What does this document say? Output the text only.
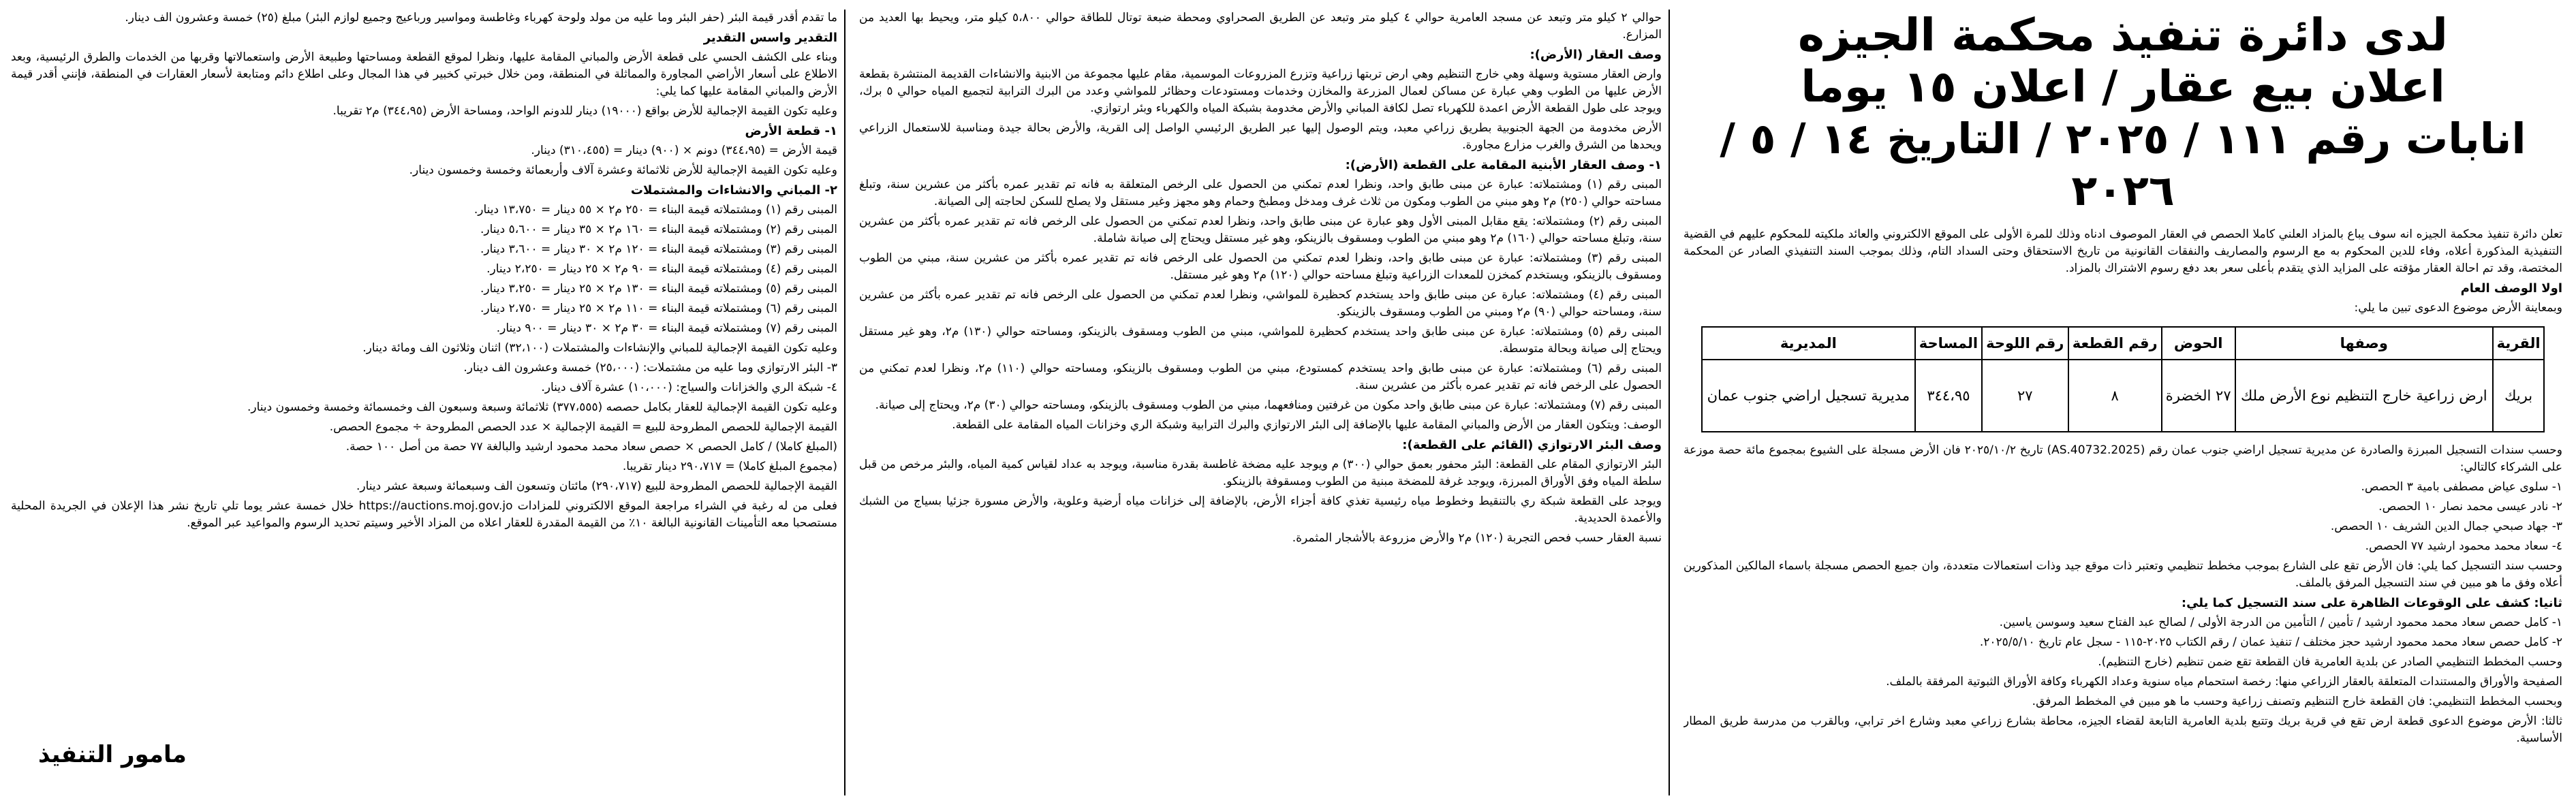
لدى دائرة تنفيذ محكمة الجيزه
اعلان بيع عقار / اعلان ١٥ يوما
انابات رقم ١١١ / ٢٠٢٥ / التاريخ ١٤ / ٥ / ٢٠٢٦

تعلن دائرة تنفيذ محكمة الجيزه انه سوف يباع بالمزاد العلني كاملا الحصص في العقار الموصوف ادناه وذلك للمرة الأولى على الموقع الالكتروني والعائد ملكيته للمحكوم عليهم في القضية التنفيذية المذكورة أعلاه، وفاء للدين المحكوم به مع الرسوم والمصاريف والنفقات القانونية من تاريخ الاستحقاق وحتى السداد التام، وذلك بموجب السند التنفيذي الصادر عن المحكمة المختصة، وقد تم احالة العقار مؤقته على المزايد الذي يتقدم بأعلى سعر بعد دفع رسوم الاشتراك بالمزاد.

اولا الوصف العام

وبمعاينة الأرض موضوع الدعوى تبين ما يلي:

القرية	وصفها	الحوض	رقم القطعة	رقم اللوحة	المساحة	المديرية
بريك	ارض زراعية خارج التنظيم نوع الأرض ملك	٢٧ الخضرة	٨	٢٧	٣٤٤،٩٥	مديرية تسجيل اراضي جنوب عمان

وحسب سندات التسجيل المبرزة والصادرة عن مديرية تسجيل اراضي جنوب عمان رقم (2025.AS.40732) تاريخ ٢٠٢٥/١٠/٢ فان الأرض مسجلة على الشيوع بمجموع مائة حصة موزعة على الشركاء كالتالي:

١- سلوى عياض مصطفى بامية ٣ الحصص.

٢- نادر عيسى محمد نصار ١٠ الحصص.

٣- جهاد صبحي جمال الدين الشريف ١٠ الحصص.

٤- سعاد محمد محمود ارشيد ٧٧ الحصص.

وحسب سند التسجيل كما يلي: فان الأرض تقع على الشارع بموجب مخطط تنظيمي وتعتبر ذات موقع جيد وذات استعمالات متعددة، وان جميع الحصص مسجلة باسماء المالكين المذكورين أعلاه وفق ما هو مبين في سند التسجيل المرفق بالملف.

ثانيا: كشف على الوقوعات الظاهرة على سند التسجيل كما يلي:

١- كامل حصص سعاد محمد محمود ارشيد / تأمين / التأمين من الدرجة الأولى / لصالح عبد الفتاح سعيد وسوسن ياسين.

٢- كامل حصص سعاد محمد محمود ارشيد حجز مختلف / تنفيذ عمان / رقم الكتاب ٢٠٢٥-١١٥ - سجل عام تاريخ ٢٠٢٥/٥/١٠.

وحسب المخطط التنظيمي الصادر عن بلدية العامرية فان القطعة تقع ضمن تنظيم (خارج التنظيم).

الصفيحة والأوراق والمستندات المتعلقة بالعقار الزراعي منها: رخصة استحمام مياه سنوية وعداد الكهرباء وكافة الأوراق الثبوتية المرفقة بالملف.

وبحسب المخطط التنظيمي: فان القطعة خارج التنظيم وتصنف زراعية وحسب ما هو مبين في المخطط المرفق.

ثالثا: الأرض موضوع الدعوى قطعة ارض تقع في قرية بريك وتتبع بلدية العامرية التابعة لقضاء الجيزه، محاطة بشارع زراعي معبد وشارع اخر ترابي، وبالقرب من مدرسة طريق المطار الأساسية.

حوالي ٢ كيلو متر وتبعد عن مسجد العامرية حوالي ٤ كيلو متر وتبعد عن الطريق الصحراوي ومحطة ضبعة توتال للطاقة حوالي ٥،٨٠٠ كيلو متر، ويحيط بها العديد من المزارع.

وصف العقار (الأرض):

وارض العقار مستوية وسهلة وهي خارج التنظيم وهي ارض تربتها زراعية وتزرع المزروعات الموسمية، مقام عليها مجموعة من الابنية والانشاءات القديمة المنتشرة بقطعة الأرض عليها من الطوب وهي عبارة عن مساكن لعمال المزرعة والمخازن وخدمات ومستودعات وحظائر للمواشي وعدد من البرك الترابية لتجميع المياه حوالي ٥ برك، ويوجد على طول القطعة الأرض اعمدة للكهرباء تصل لكافة المباني والأرض مخدومة بشبكة المياه والكهرباء وبئر ارتوازي.

الأرض مخدومة من الجهة الجنوبية بطريق زراعي معبد، ويتم الوصول إليها عبر الطريق الرئيسي الواصل إلى القرية، والأرض بحالة جيدة ومناسبة للاستعمال الزراعي ويحدها من الشرق والغرب مزارع مجاورة.

١- وصف العقار الأبنية المقامة على القطعة (الأرض):

المبنى رقم (١) ومشتملاته: عبارة عن مبنى طابق واحد، ونظرا لعدم تمكني من الحصول على الرخص المتعلقة به فانه تم تقدير عمره بأكثر من عشرين سنة، وتبلغ مساحته حوالي (٢٥٠) م٢ وهو مبني من الطوب ومكون من ثلاث غرف ومدخل ومطبخ وحمام وهو مجهز وغير مستقل ولا يصلح للسكن لحاجته إلى الصيانة.

المبنى رقم (٢) ومشتملاته: يقع مقابل المبنى الأول وهو عبارة عن مبنى طابق واحد، ونظرا لعدم تمكني من الحصول على الرخص فانه تم تقدير عمره بأكثر من عشرين سنة، وتبلغ مساحته حوالي (١٦٠) م٢ وهو مبني من الطوب ومسقوف بالزينكو، وهو غير مستقل ويحتاج إلى صيانة شاملة.

المبنى رقم (٣) ومشتملاته: عبارة عن مبنى طابق واحد، ونظرا لعدم تمكني من الحصول على الرخص فانه تم تقدير عمره بأكثر من عشرين سنة، مبني من الطوب ومسقوف بالزينكو، ويستخدم كمخزن للمعدات الزراعية وتبلغ مساحته حوالي (١٢٠) م٢ وهو غير مستقل.

المبنى رقم (٤) ومشتملاته: عبارة عن مبنى طابق واحد يستخدم كحظيرة للمواشي، ونظرا لعدم تمكني من الحصول على الرخص فانه تم تقدير عمره بأكثر من عشرين سنة، ومساحته حوالي (٩٠) م٢ ومبني من الطوب ومسقوف بالزينكو.

المبنى رقم (٥) ومشتملاته: عبارة عن مبنى طابق واحد يستخدم كحظيرة للمواشي، مبني من الطوب ومسقوف بالزينكو، ومساحته حوالي (١٣٠) م٢، وهو غير مستقل ويحتاج إلى صيانة وبحالة متوسطة.

المبنى رقم (٦) ومشتملاته: عبارة عن مبنى طابق واحد يستخدم كمستودع، مبني من الطوب ومسقوف بالزينكو، ومساحته حوالي (١١٠) م٢، ونظرا لعدم تمكني من الحصول على الرخص فانه تم تقدير عمره بأكثر من عشرين سنة.

المبنى رقم (٧) ومشتملاته: عبارة عن مبنى طابق واحد مكون من غرفتين ومنافعهما، مبني من الطوب ومسقوف بالزينكو، ومساحته حوالي (٣٠) م٢، ويحتاج إلى صيانة.

الوصف: ويتكون العقار من الأرض والمباني المقامة عليها بالإضافة إلى البئر الارتوازي والبرك الترابية وشبكة الري وخزانات المياه المقامة على القطعة.

وصف البئر الارتوازي (القائم على القطعة):

البئر الارتوازي المقام على القطعة: البئر محفور بعمق حوالي (٣٠٠) م ويوجد عليه مضخة غاطسة بقدرة مناسبة، ويوجد به عداد لقياس كمية المياه، والبئر مرخص من قبل سلطة المياه وفق الأوراق المبرزة، ويوجد غرفة للمضخة مبنية من الطوب ومسقوفة بالزينكو.

ويوجد على القطعة شبكة ري بالتنقيط وخطوط مياه رئيسية تغذي كافة أجزاء الأرض، بالإضافة إلى خزانات مياه أرضية وعلوية، والأرض مسورة جزئيا بسياج من الشبك والأعمدة الحديدية.

نسبة العقار حسب فحص التجربة (١٢٠) م٢ والأرض مزروعة بالأشجار المثمرة.

ما تقدم أقدر قيمة البئر (حفر البئر وما عليه من مولد ولوحة كهرباء وغاطسة ومواسير ورباعيج وجميع لوازم البئر) مبلغ (٢٥) خمسة وعشرون الف دينار.

التقدير واسس التقدير

وبناء على الكشف الحسي على قطعة الأرض والمباني المقامة عليها، ونظرا لموقع القطعة ومساحتها وطبيعة الأرض واستعمالاتها وقربها من الخدمات والطرق الرئيسية، وبعد الاطلاع على أسعار الأراضي المجاورة والمماثلة في المنطقة، ومن خلال خبرتي كخبير في هذا المجال وعلى اطلاع دائم ومتابعة لأسعار العقارات في المنطقة، فإنني أقدر قيمة الأرض والمباني المقامة عليها كما يلي:

وعليه تكون القيمة الإجمالية للأرض بواقع (١٩٠٠٠) دينار للدونم الواحد، ومساحة الأرض (٣٤٤،٩٥) م٢ تقريبا.

١- قطعة الأرض

قيمة الأرض = (٣٤٤،٩٥) دونم × (٩٠٠) دينار = (٣١٠،٤٥٥) دينار.

وعليه تكون القيمة الإجمالية للأرض ثلاثمائة وعشرة آلاف وأربعمائة وخمسة وخمسون دينار.

٢- المباني والانشاءات والمشتملات

المبنى رقم (١) ومشتملاته قيمة البناء = ٢٥٠ م٢ × ٥٥ دينار = ١٣،٧٥٠ دينار.

المبنى رقم (٢) ومشتملاته قيمة البناء = ١٦٠ م٢ × ٣٥ دينار = ٥،٦٠٠ دينار.

المبنى رقم (٣) ومشتملاته قيمة البناء = ١٢٠ م٢ × ٣٠ دينار = ٣،٦٠٠ دينار.

المبنى رقم (٤) ومشتملاته قيمة البناء = ٩٠ م٢ × ٢٥ دينار = ٢،٢٥٠ دينار.

المبنى رقم (٥) ومشتملاته قيمة البناء = ١٣٠ م٢ × ٢٥ دينار = ٣،٢٥٠ دينار.

المبنى رقم (٦) ومشتملاته قيمة البناء = ١١٠ م٢ × ٢٥ دينار = ٢،٧٥٠ دينار.

المبنى رقم (٧) ومشتملاته قيمة البناء = ٣٠ م٢ × ٣٠ دينار = ٩٠٠ دينار.

وعليه تكون القيمة الإجمالية للمباني والإنشاءات والمشتملات (٣٢،١٠٠) اثنان وثلاثون الف ومائة دينار.

٣- البئر الارتوازي وما عليه من مشتملات: (٢٥،٠٠٠) خمسة وعشرون الف دينار.

٤- شبكة الري والخزانات والسياج: (١٠،٠٠٠) عشرة آلاف دينار.

وعليه تكون القيمة الإجمالية للعقار بكامل حصصه (٣٧٧،٥٥٥) ثلاثمائة وسبعة وسبعون الف وخمسمائة وخمسة وخمسون دينار.

القيمة الإجمالية للحصص المطروحة للبيع = القيمة الإجمالية × عدد الحصص المطروحة ÷ مجموع الحصص.

(المبلغ كاملا) / كامل الحصص × حصص سعاد محمد محمود ارشيد والبالغة ٧٧ حصة من أصل ١٠٠ حصة.

(مجموع المبلغ كاملا) = ٢٩٠،٧١٧ دينار تقريبا.

القيمة الإجمالية للحصص المطروحة للبيع (٢٩٠،٧١٧) مائتان وتسعون الف وسبعمائة وسبعة عشر دينار.

فعلى من له رغبة في الشراء مراجعة الموقع الالكتروني للمزادات https://auctions.moj.gov.jo خلال خمسة عشر يوما تلي تاريخ نشر هذا الإعلان في الجريدة المحلية مستصحبا معه التأمينات القانونية البالغة ١٠٪ من القيمة المقدرة للعقار اعلاه من المزاد الأخير وسيتم تحديد الرسوم والمواعيد عبر الموقع.

مامور التنفيذ
